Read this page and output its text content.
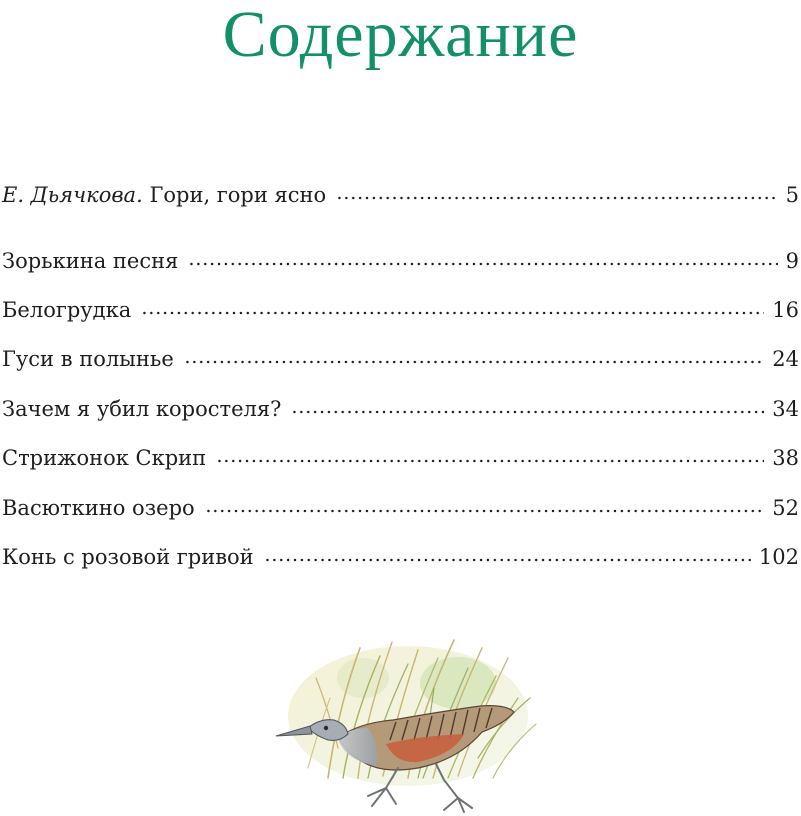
Содержание
Е. Дьячкова. Гори, гори ясно	5
Зорькина песня	9
Белогрудка	16
Гуси в полынье	24
Зачем я убил коростеля?	34
Стрижонок Скрип	38
Васюткино озеро	52
Конь с розовой гривой	102
